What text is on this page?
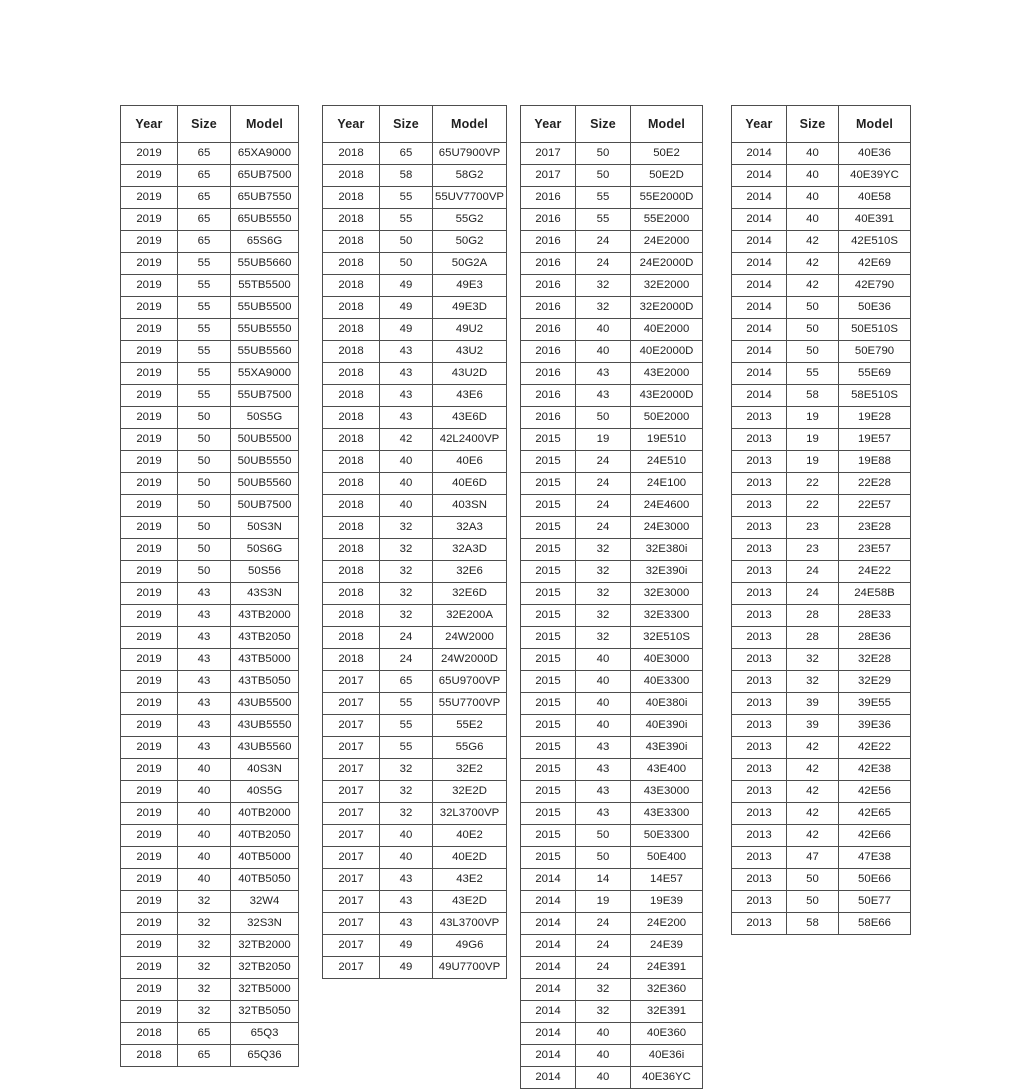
Year	Size	Model
2019	65	65XA9000
2019	65	65UB7500
2019	65	65UB7550
2019	65	65UB5550
2019	65	65S6G
2019	55	55UB5660
2019	55	55TB5500
2019	55	55UB5500
2019	55	55UB5550
2019	55	55UB5560
2019	55	55XA9000
2019	55	55UB7500
2019	50	50S5G
2019	50	50UB5500
2019	50	50UB5550
2019	50	50UB5560
2019	50	50UB7500
2019	50	50S3N
2019	50	50S6G
2019	50	50S56
2019	43	43S3N
2019	43	43TB2000
2019	43	43TB2050
2019	43	43TB5000
2019	43	43TB5050
2019	43	43UB5500
2019	43	43UB5550
2019	43	43UB5560
2019	40	40S3N
2019	40	40S5G
2019	40	40TB2000
2019	40	40TB2050
2019	40	40TB5000
2019	40	40TB5050
2019	32	32W4
2019	32	32S3N
2019	32	32TB2000
2019	32	32TB2050
2019	32	32TB5000
2019	32	32TB5050
2018	65	65Q3
2018	65	65Q36
Year	Size	Model
2018	65	65U7900VP
2018	58	58G2
2018	55	55UV7700VP
2018	55	55G2
2018	50	50G2
2018	50	50G2A
2018	49	49E3
2018	49	49E3D
2018	49	49U2
2018	43	43U2
2018	43	43U2D
2018	43	43E6
2018	43	43E6D
2018	42	42L2400VP
2018	40	40E6
2018	40	40E6D
2018	40	403SN
2018	32	32A3
2018	32	32A3D
2018	32	32E6
2018	32	32E6D
2018	32	32E200A
2018	24	24W2000
2018	24	24W2000D
2017	65	65U9700VP
2017	55	55U7700VP
2017	55	55E2
2017	55	55G6
2017	32	32E2
2017	32	32E2D
2017	32	32L3700VP
2017	40	40E2
2017	40	40E2D
2017	43	43E2
2017	43	43E2D
2017	43	43L3700VP
2017	49	49G6
2017	49	49U7700VP
Year	Size	Model
2017	50	50E2
2017	50	50E2D
2016	55	55E2000D
2016	55	55E2000
2016	24	24E2000
2016	24	24E2000D
2016	32	32E2000
2016	32	32E2000D
2016	40	40E2000
2016	40	40E2000D
2016	43	43E2000
2016	43	43E2000D
2016	50	50E2000
2015	19	19E510
2015	24	24E510
2015	24	24E100
2015	24	24E4600
2015	24	24E3000
2015	32	32E380i
2015	32	32E390i
2015	32	32E3000
2015	32	32E3300
2015	32	32E510S
2015	40	40E3000
2015	40	40E3300
2015	40	40E380i
2015	40	40E390i
2015	43	43E390i
2015	43	43E400
2015	43	43E3000
2015	43	43E3300
2015	50	50E3300
2015	50	50E400
2014	14	14E57
2014	19	19E39
2014	24	24E200
2014	24	24E39
2014	24	24E391
2014	32	32E360
2014	32	32E391
2014	40	40E360
2014	40	40E36i
2014	40	40E36YC
Year	Size	Model
2014	40	40E36
2014	40	40E39YC
2014	40	40E58
2014	40	40E391
2014	42	42E510S
2014	42	42E69
2014	42	42E790
2014	50	50E36
2014	50	50E510S
2014	50	50E790
2014	55	55E69
2014	58	58E510S
2013	19	19E28
2013	19	19E57
2013	19	19E88
2013	22	22E28
2013	22	22E57
2013	23	23E28
2013	23	23E57
2013	24	24E22
2013	24	24E58B
2013	28	28E33
2013	28	28E36
2013	32	32E28
2013	32	32E29
2013	39	39E55
2013	39	39E36
2013	42	42E22
2013	42	42E38
2013	42	42E56
2013	42	42E65
2013	42	42E66
2013	47	47E38
2013	50	50E66
2013	50	50E77
2013	58	58E66
